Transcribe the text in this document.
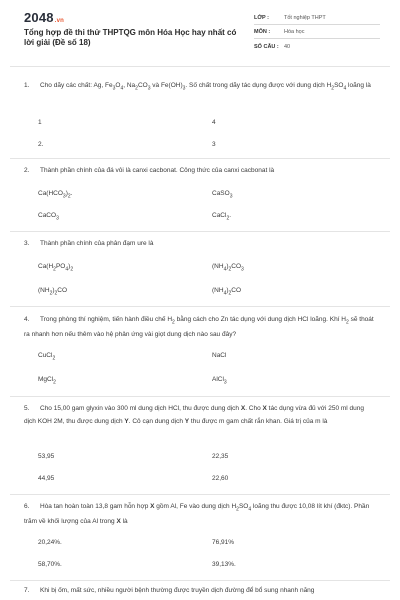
2048.vn
Tổng hợp đề thi thử THPTQG môn Hóa Học hay nhất có lời giải (Đề số 18)
LỚP :	Tốt nghiệp THPT
MÔN :	Hóa học
SỐ CÂU : 40
1. Cho dãy các chất: Ag, $Fe_3O_4$, $Na_2CO_3$ và $Fe(OH)_3$. Số chất trong dãy tác dụng được với dung dịch $H_2SO_4$ loãng là
1	4
2.	3
2. Thành phần chính của đá vôi là canxi cacbonat. Công thức của canxi cacbonat là
$Ca(HCO_3)_2$.	CaSO$_3$
CaCO$_3$	CaCl$_2$.
3. Thành phần chính của phân đạm ure là
$Ca(H_2PO_4)_2$	$(NH_4)_2CO_3$
$(NH_2)_2CO$	$(NH_4)_2CO$
4. Trong phòng thí nghiệm, tiến hành điều chế $H_2$ bằng cách cho Zn tác dụng với dung dịch HCl loãng. Khí $H_2$ sẽ thoát ra nhanh hơn nếu thêm vào hệ phản ứng vài giọt dung dịch nào sau đây?
CuCl$_2$	NaCl
MgCl$_2$	AlCl$_3$
5. Cho 15,00 gam glyxin vào 300 ml dung dịch HCl, thu được dung dịch X. Cho X tác dụng vừa đủ với 250 ml dung dịch KOH 2M, thu được dung dịch Y. Cô cạn dung dịch Y thu được m gam chất rắn khan. Giá trị của m là
53,95	22,35
44,95	22,60
6. Hòa tan hoàn toàn 13,8 gam hỗn hợp X gồm Al, Fe vào dung dịch $H_2SO_4$ loãng thu được 10,08 lít khí (đktc). Phần trăm về khối lượng của Al trong X là
20,24%.	76,91%
58,70%.	39,13%.
7. Khi bị ốm, mất sức, nhiều người bệnh thường được truyền dịch đường để bổ sung nhanh năng
